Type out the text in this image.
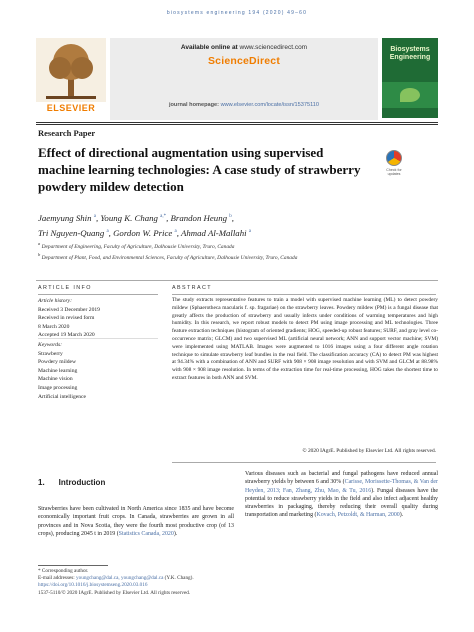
biosystems engineering 194 (2020) 49–60
ELSEVIER
Available online at www.sciencedirect.com
ScienceDirect
journal homepage: www.elsevier.com/locate/issn/15375110
Biosystems Engineering
Research Paper
Effect of directional augmentation using supervised machine learning technologies: A case study of strawberry powdery mildew detection
Check for updates
Jaemyung Shin $^a$, Young K. Chang $^{a,*}$, Brandon Heung $^b$,
Tri Nguyen-Quang $^a$, Gordon W. Price $^a$, Ahmad Al-Mallahi $^a$
$^a$ Department of Engineering, Faculty of Agriculture, Dalhousie University, Truro, Canada
$^b$ Department of Plant, Food, and Environmental Sciences, Faculty of Agriculture, Dalhousie University, Truro, Canada
ARTICLE INFO	ABSTRACT
Article history:
Received 3 December 2019
Received in revised form
8 March 2020
Accepted 19 March 2020
Keywords:
Strawberry
Powdery mildew
Machine learning
Machine vision
Image processing
Artificial intelligence
The study extracts representative features to train a model with supervised machine learning (ML) to detect powdery mildew (Sphaerotheca macularis f. sp. fragariae) on the strawberry leaves. Powdery mildew (PM) is a fungal disease that greatly affects the production of strawberry and usually infects under conditions of warming temperatures and high humidity. In this research, we report robust models to detect PM using image processing and ML technologies. Three feature extraction techniques (histogram of oriented gradients; HOG, speeded-up robust features; SURF, and gray level co-occurrence matrix; GLCM) and two supervised ML (artificial neural network; ANN and support vector machine; SVM) were implemented using MATLAB. Images were augmented to 1016 images using a four different angle rotation technique to simulate strawberry leaf bundles in the real field. The classification accuracy (CA) to detect PM was highest at 94.34% with a combination of ANN and SURF with 908 × 908 image resolution and with SVM and GLCM at 88.98% with 908 × 908 image resolution. In terms of the extraction time for real-time processing, HOG takes the shortest time to extract features in both ANN and SVM.
© 2020 IAgrE. Published by Elsevier Ltd. All rights reserved.
1. Introduction
Strawberries have been cultivated in North America since 1835 and have become economically important fruit crops. In Canada, strawberries are grown in all provinces and in Nova Scotia, they were the fourth most productive crop (of 13 crops), producing 2045 t in 2019 (Statistics Canada, 2020).
Various diseases such as bacterial and fungal pathogens have reduced annual strawberry yields by between 6 and 30% (Carisse, Morissette-Thomas, & Van der Heyden, 2013; Fan, Zhang, Zhu, Mao, & Tu, 2016). Fungal diseases have the potential to reduce strawberry yields in the field and also infect adjacent healthy strawberries in packaging, thereby reducing their overall quality during transportation and marketing (Kovach, Petzoldt, & Harman, 2000).
* Corresponding author.
E-mail addresses: youngchang@dal.ca, youngchang@dal.ca (Y.K. Chang).
https://doi.org/10.1016/j.biosystemseng.2020.03.016
1537-5110/© 2020 IAgrE. Published by Elsevier Ltd. All rights reserved.
